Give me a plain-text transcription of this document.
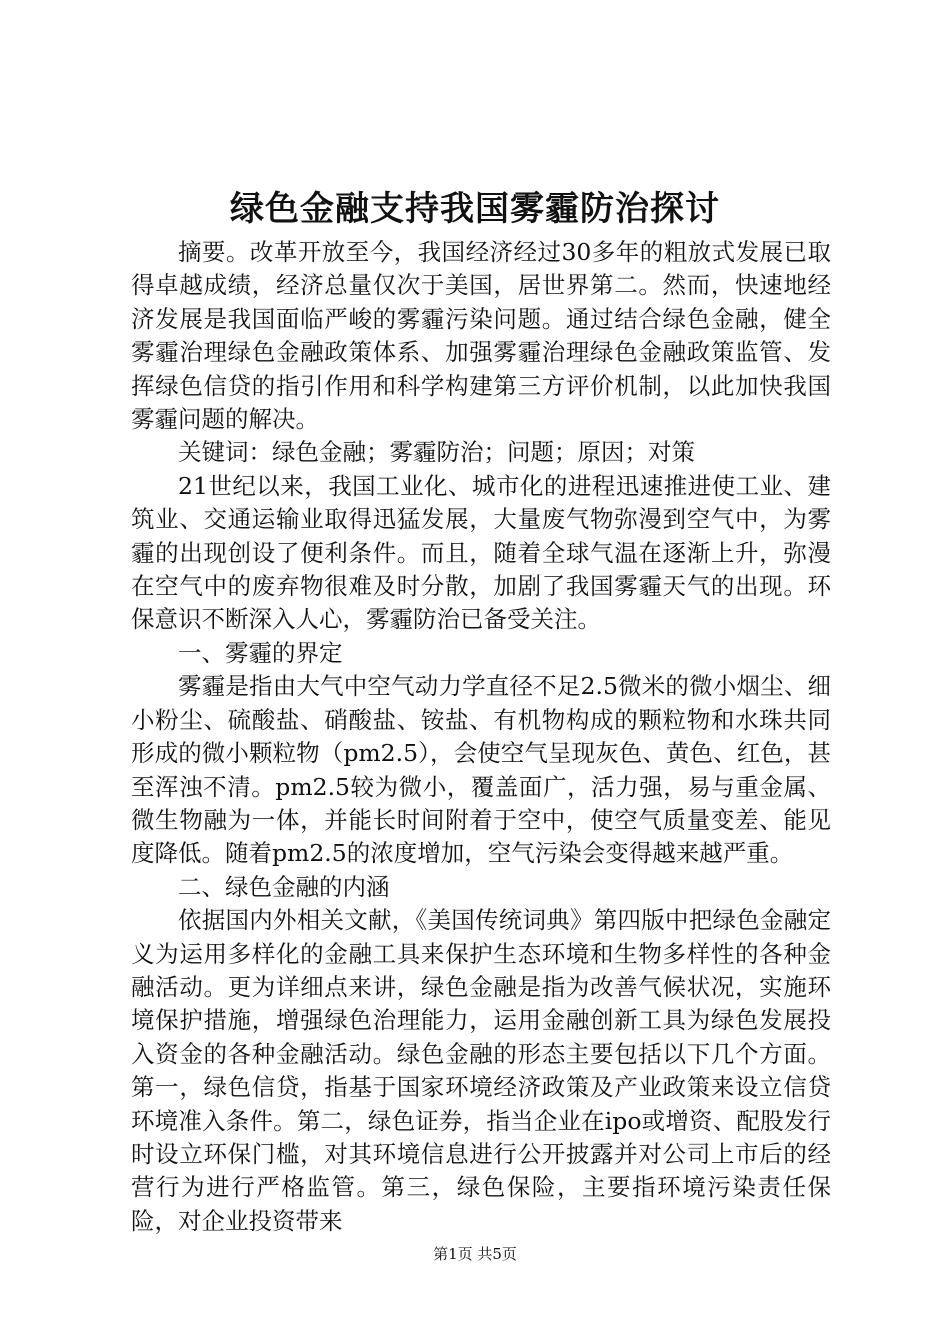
绿色金融支持我国雾霾防治探讨

摘要。改革开放至今，我国经济经过30多年的粗放式发展已取得卓越成绩，经济总量仅次于美国，居世界第二。然而，快速地经济发展是我国面临严峻的雾霾污染问题。通过结合绿色金融，健全雾霾治理绿色金融政策体系、加强雾霾治理绿色金融政策监管、发挥绿色信贷的指引作用和科学构建第三方评价机制，以此加快我国雾霾问题的解决。

关键词：绿色金融；雾霾防治；问题；原因；对策

21世纪以来，我国工业化、城市化的进程迅速推进使工业、建筑业、交通运输业取得迅猛发展，大量废气物弥漫到空气中，为雾霾的出现创设了便利条件。而且，随着全球气温在逐渐上升，弥漫在空气中的废弃物很难及时分散，加剧了我国雾霾天气的出现。环保意识不断深入人心，雾霾防治已备受关注。

一、雾霾的界定

雾霾是指由大气中空气动力学直径不足2.5微米的微小烟尘、细小粉尘、硫酸盐、硝酸盐、铵盐、有机物构成的颗粒物和水珠共同形成的微小颗粒物（pm2.5），会使空气呈现灰色、黄色、红色，甚至浑浊不清。pm2.5较为微小，覆盖面广，活力强，易与重金属、微生物融为一体，并能长时间附着于空中，使空气质量变差、能见度降低。随着pm2.5的浓度增加，空气污染会变得越来越严重。

二、绿色金融的内涵

依据国内外相关文献，《美国传统词典》第四版中把绿色金融定义为运用多样化的金融工具来保护生态环境和生物多样性的各种金融活动。更为详细点来讲，绿色金融是指为改善气候状况，实施环境保护措施，增强绿色治理能力，运用金融创新工具为绿色发展投入资金的各种金融活动。绿色金融的形态主要包括以下几个方面。第一，绿色信贷，指基于国家环境经济政策及产业政策来设立信贷环境准入条件。第二，绿色证券，指当企业在ipo或增资、配股发行时设立环保门槛，对其环境信息进行公开披露并对公司上市后的经营行为进行严格监管。第三，绿色保险，主要指环境污染责任保险，对企业投资带来

第1页 共5页
